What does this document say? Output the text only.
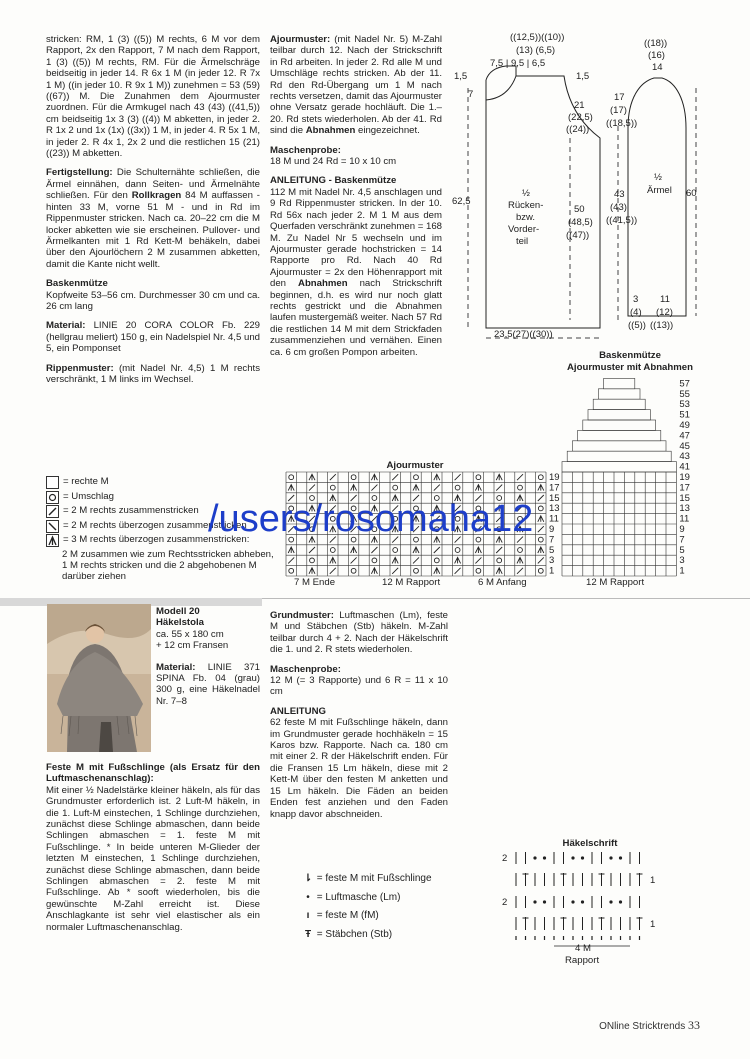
stricken: RM, 1 (3) ((5)) M rechts, 6 M vor dem Rapport, 2x den Rapport, 7 M nach dem Rapport, 1 (3) ((5)) M rechts, RM. Für die Ärmelschräge beidseitig in jeder 14. R 6x 1 M (in jeder 12. R 7x 1 M) ((in jeder 10. R 9x 1 M)) zunehmen = 53 (59) ((67)) M. Die Zunahmen dem Ajourmuster zuordnen. Für die Armkugel nach 43 (43) ((41,5)) cm beidseitig 1x 3 (3) ((4)) M abketten, in jeder 2. R 1x 2 und 1x (1x) ((3x)) 1 M, in jeder 4. R 5x 1 M, in jeder 2. R 4x 1, 2x 2 und die restlichen 15 (21) ((23)) M abketten.

Fertigstellung: Die Schulternähte schließen, die Ärmel einnähen, dann Seiten- und Ärmelnähte schließen. Für den Rollkragen 84 M auffassen - hinten 33 M, vorne 51 M - und in Rd im Rippenmuster stricken. Nach ca. 20–22 cm die M locker abketten wie sie erscheinen. Pullover- und Ärmelkanten mit 1 Rd Kett-M behäkeln, dabei über den Ajourlöchern 2 M zusammen abketten, damit die Kante nicht wellt.

Baskenmütze
Kopfweite 53–56 cm. Durchmesser 30 cm und ca. 26 cm lang

Material: LINIE 20 CORA COLOR Fb. 229 (hellgrau meliert) 150 g, ein Nadelspiel Nr. 4,5 und 5, ein Pomponset

Rippenmuster: (mit Nadel Nr. 4,5) 1 M rechts verschränkt, 1 M links im Wechsel.

Ajourmuster: (mit Nadel Nr. 5) M-Zahl teilbar durch 12. Nach der Strickschrift in Rd arbeiten. In jeder 2. Rd alle M und Umschläge rechts stricken. Ab der 11. Rd den Rd-Übergang um 1 M nach rechts versetzen, damit das Ajourmuster ohne Versatz gerade hochläuft. Die 1.– 20. Rd stets wiederholen. Ab der 41. Rd sind die Abnahmen eingezeichnet.

Maschenprobe:
18 M und 24 Rd = 10 x 10 cm

ANLEITUNG - Baskenmütze
112 M mit Nadel Nr. 4,5 anschlagen und 9 Rd Rippenmuster stricken. In der 10. Rd 56x nach jeder 2. M 1 M aus dem Querfaden verschränkt zunehmen = 168 M. Zu Nadel Nr 5 wechseln und im Ajourmuster gerade hochstricken = 14 Rapporte pro Rd. Nach 40 Rd Ajourmuster = 2x den Höhenrapport mit den Abnahmen nach Strickschrift beginnen, d.h. es wird nur noch glatt rechts gestrickt und die Abnahmen laufen mustergemäß weiter. Nach 57 Rd die restlichen 14 M mit dem Strickfaden zusammenziehen und vernähen. Einen ca. 6 cm großen Pompon arbeiten.

((12,5))((10))
(13) (6,5)
7,5 | 9,5 | 6,5
1,5	1,5
7
21
(22,5)
((24))
½
Rücken-
bzw.
Vorder-
teil
62,5
50
(48,5)
((47))
23,5(27)((30))
((18))
(16)
14
17
(17)
((18,5))
½
Ärmel 60
43
(43)
((41,5))
3 11
(4) (12)
((5)) ((13))
Baskenmütze
Ajourmuster mit Abnahmen
Ajourmuster
19	19
17	17
15	15
13	13
11	11
9	9
7	7
5	5
3	3
1	1
57
55
53
51
49
47
45
43
41
= rechte M
= Umschlag
= 2 M rechts zusammenstricken
= 2 M rechts überzogen zusammenstricken
= 3 M rechts überzogen zusammenstricken:
2 M zusammen wie zum Rechtsstricken abheben, 1 M rechts stricken und die 2 abgehobenen M darüber ziehen
7 M Ende	12 M Rapport	6 M Anfang	12 M Rapport
/users/rosomaha12
Modell 20
Häkelstola
ca. 55 x 180 cm
+ 12 cm Fransen
Material: LINIE 371 SPINA Fb. 04 (grau) 300 g, eine Häkelnadel Nr. 7–8
Feste M mit Fußschlinge (als Ersatz für den Luftmaschenanschlag):
Mit einer ½ Nadelstärke kleiner häkeln, als für das Grundmuster erforderlich ist. 2 Luft-M häkeln, in die 1. Luft-M einstechen, 1 Schlinge durchziehen, zunächst diese Schlinge abmaschen, dann beide Schlingen abmaschen = 1. feste M mit Fußschlinge. * In beide unteren M-Glieder der letzten M einstechen, 1 Schlinge durchziehen, zunächst diese Schlinge abmaschen, dann beide Schlingen abmaschen = 2. feste M mit Fußschlinge. Ab * sooft wiederholen, bis die gewünschte M-Zahl erreicht ist. Diese Anschlagkante ist sehr viel elastischer als ein normaler Luftmaschenanschlag.

Grundmuster: Luftmaschen (Lm), feste M und Stäbchen (Stb) häkeln. M-Zahl teilbar durch 4 + 2. Nach der Häkelschrift die 1. und 2. R stets wiederholen.

Maschenprobe:
12 M (= 3 Rapporte) und 6 R = 11 x 10 cm

ANLEITUNG
62 feste M mit Fußschlinge häkeln, dann im Grundmuster gerade hochhäkeln = 15 Karos bzw. Rapporte. Nach ca. 180 cm mit einer 2. R der Häkelschrift enden. Für die Fransen 15 Lm häkeln, diese mit 2 Kett-M über den festen M anketten und 15 Lm häkeln. Die Fäden an beiden Enden fest anziehen und den Faden knapp davor abschneiden.

⇂ = feste M mit Fußschlinge
• = Luftmasche (Lm)
ı = feste M (fM)
Ŧ = Stäbchen (Stb)
Häkelschrift
2
1
2
1
4 M
Rapport
ONline Stricktrends 33
